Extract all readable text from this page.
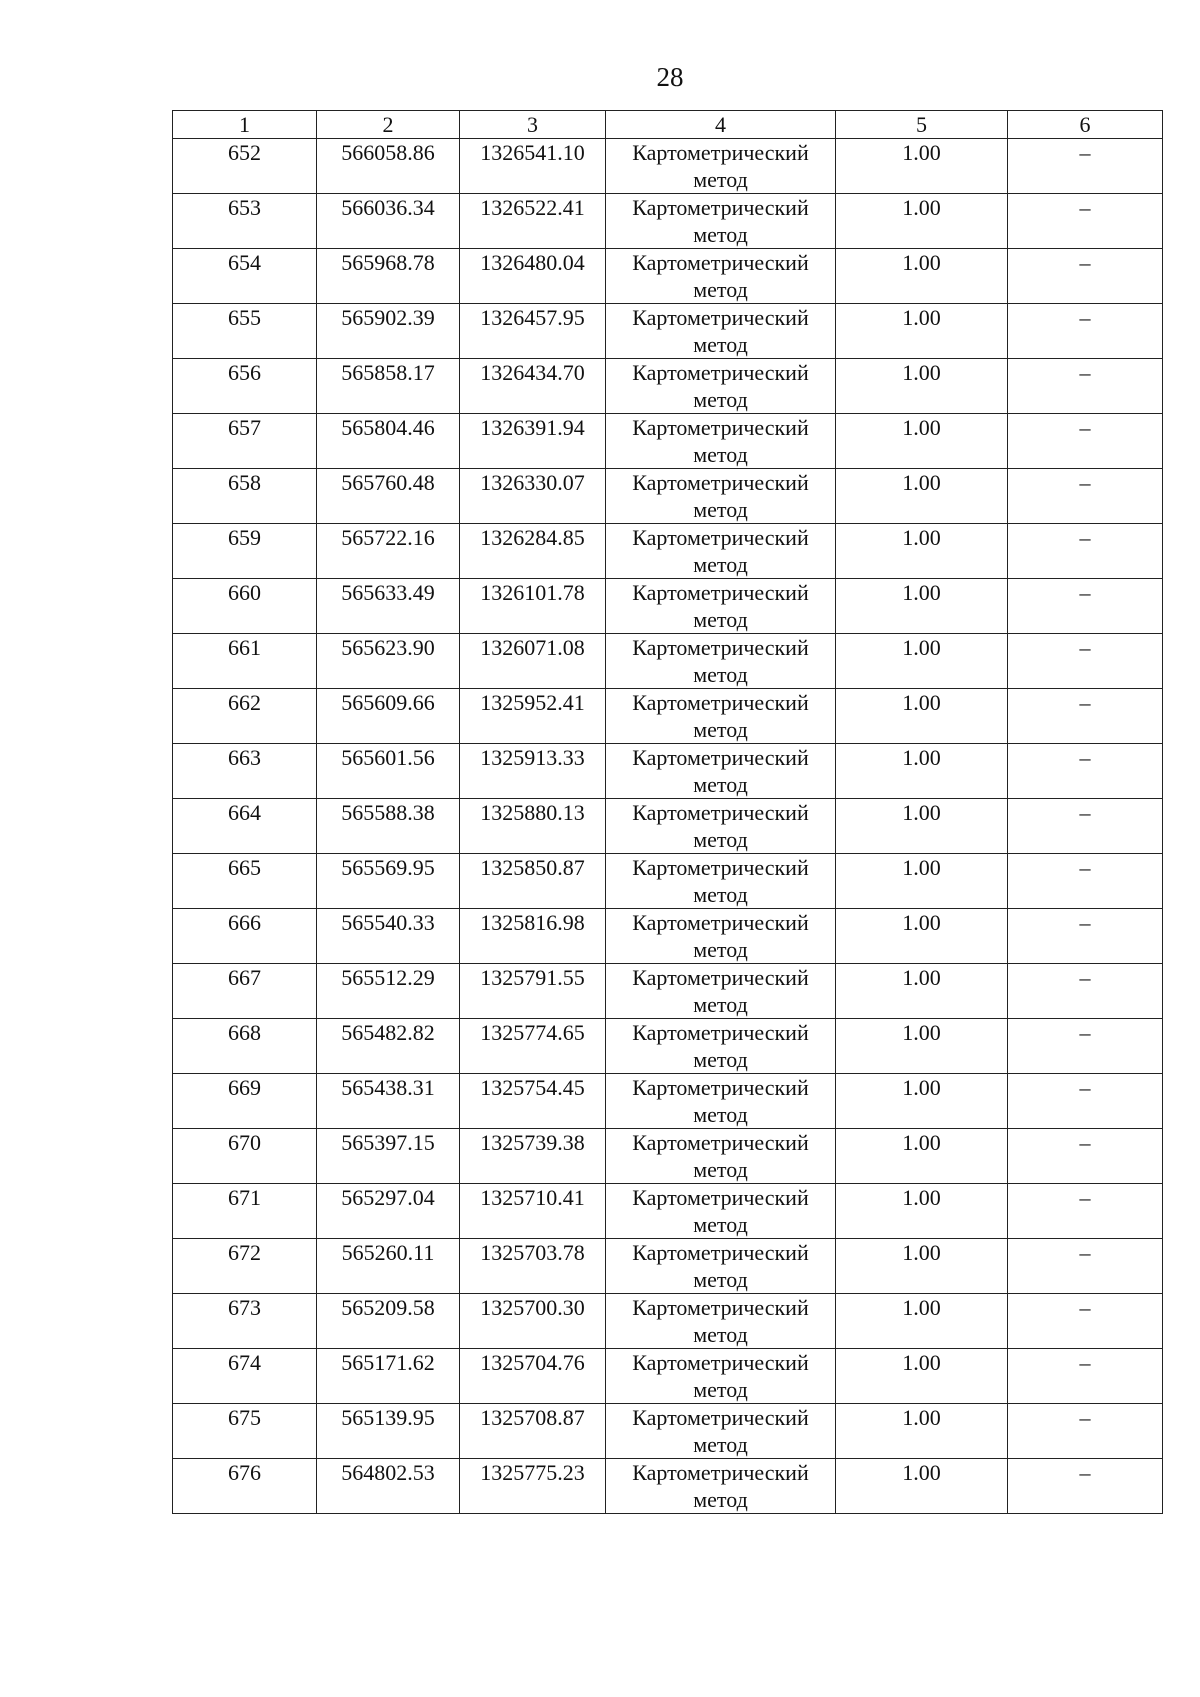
28
1	2	3	4	5	6
652	566058.86	1326541.10	Картометрический метод	1.00	–
653	566036.34	1326522.41	Картометрический метод	1.00	–
654	565968.78	1326480.04	Картометрический метод	1.00	–
655	565902.39	1326457.95	Картометрический метод	1.00	–
656	565858.17	1326434.70	Картометрический метод	1.00	–
657	565804.46	1326391.94	Картометрический метод	1.00	–
658	565760.48	1326330.07	Картометрический метод	1.00	–
659	565722.16	1326284.85	Картометрический метод	1.00	–
660	565633.49	1326101.78	Картометрический метод	1.00	–
661	565623.90	1326071.08	Картометрический метод	1.00	–
662	565609.66	1325952.41	Картометрический метод	1.00	–
663	565601.56	1325913.33	Картометрический метод	1.00	–
664	565588.38	1325880.13	Картометрический метод	1.00	–
665	565569.95	1325850.87	Картометрический метод	1.00	–
666	565540.33	1325816.98	Картометрический метод	1.00	–
667	565512.29	1325791.55	Картометрический метод	1.00	–
668	565482.82	1325774.65	Картометрический метод	1.00	–
669	565438.31	1325754.45	Картометрический метод	1.00	–
670	565397.15	1325739.38	Картометрический метод	1.00	–
671	565297.04	1325710.41	Картометрический метод	1.00	–
672	565260.11	1325703.78	Картометрический метод	1.00	–
673	565209.58	1325700.30	Картометрический метод	1.00	–
674	565171.62	1325704.76	Картометрический метод	1.00	–
675	565139.95	1325708.87	Картометрический метод	1.00	–
676	564802.53	1325775.23	Картометрический метод	1.00	–
